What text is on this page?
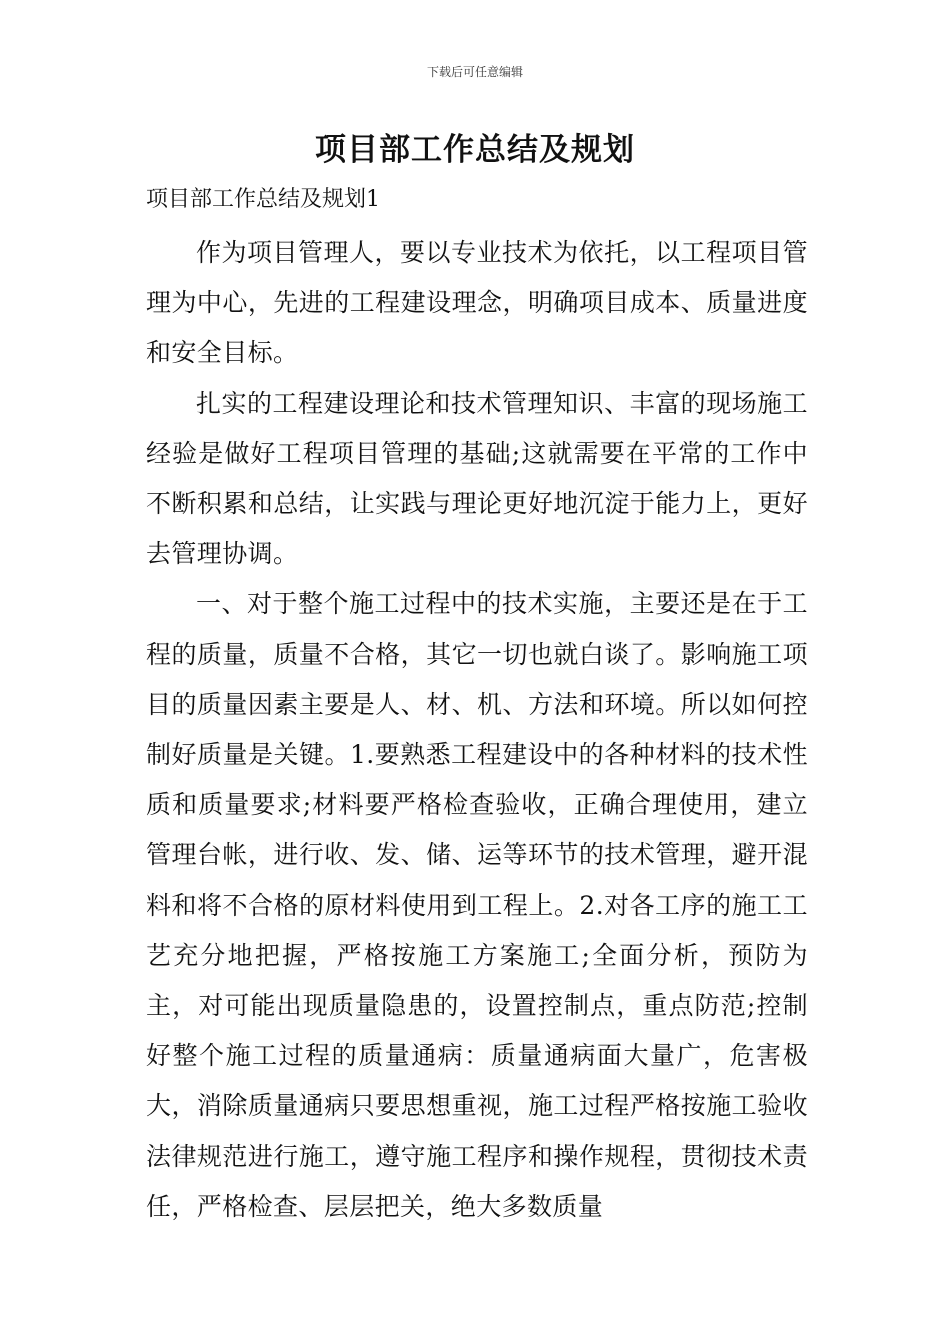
下载后可任意编辑
项目部工作总结及规划

项目部工作总结及规划1

作为项目管理人，要以专业技术为依托，以工程项目管理为中心，先进的工程建设理念，明确项目成本、质量进度和安全目标。

扎实的工程建设理论和技术管理知识、丰富的现场施工经验是做好工程项目管理的基础;这就需要在平常的工作中不断积累和总结，让实践与理论更好地沉淀于能力上，更好去管理协调。

一、对于整个施工过程中的技术实施，主要还是在于工程的质量，质量不合格，其它一切也就白谈了。影响施工项目的质量因素主要是人、材、机、方法和环境。所以如何控制好质量是关键。1.要熟悉工程建设中的各种材料的技术性质和质量要求;材料要严格检查验收，正确合理使用，建立管理台帐，进行收、发、储、运等环节的技术管理，避开混料和将不合格的原材料使用到工程上。2.对各工序的施工工艺充分地把握，严格按施工方案施工;全面分析，预防为主，对可能出现质量隐患的，设置控制点，重点防范;控制好整个施工过程的质量通病：质量通病面大量广，危害极大，消除质量通病只要思想重视，施工过程严格按施工验收法律规范进行施工，遵守施工程序和操作规程，贯彻技术责任，严格检查、层层把关，绝大多数质量
